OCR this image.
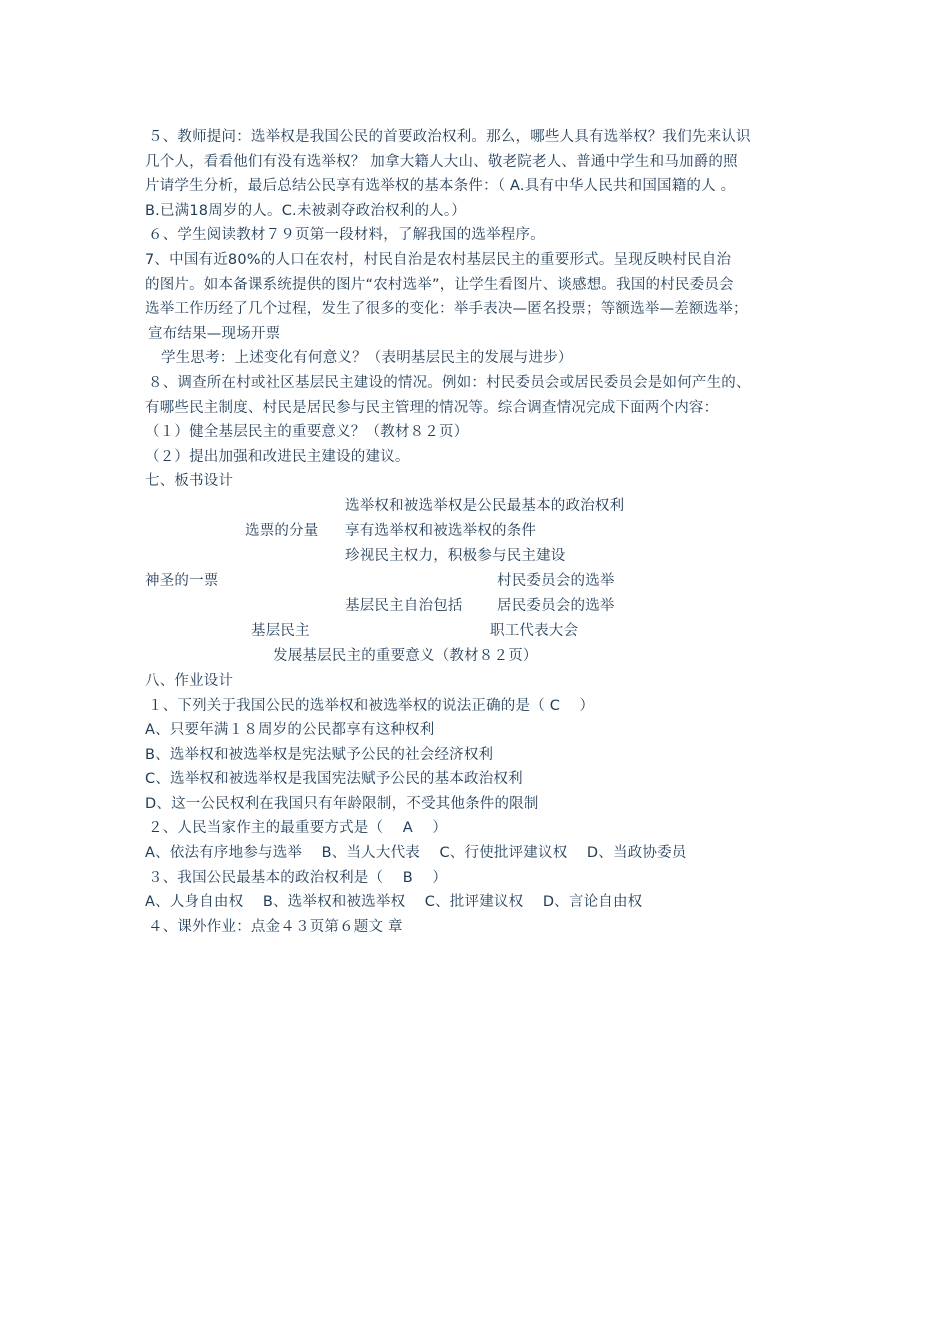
５、教师提问：选举权是我国公民的首要政治权利。那么，哪些人具有选举权？我们先来认识
几个人，看看他们有没有选举权？ 加拿大籍人大山、敬老院老人、普通中学生和马加爵的照
片请学生分析，最后总结公民享有选举权的基本条件：（ A.具有中华人民共和国国籍的人 。
B.已满18周岁的人。C.未被剥夺政治权利的人。）
６、学生阅读教材７９页第一段材料，了解我国的选举程序。
7、中国有近80%的人口在农村，村民自治是农村基层民主的重要形式。呈现反映村民自治
的图片。如本备课系统提供的图片“农村选举”，让学生看图片、谈感想。我国的村民委员会
选举工作历经了几个过程，发生了很多的变化：举手表决—匿名投票；等额选举—差额选举；
宣布结果—现场开票
学生思考：上述变化有何意义？（表明基层民主的发展与进步）
８、调查所在村或社区基层民主建设的情况。例如：村民委员会或居民委员会是如何产生的、
有哪些民主制度、村民是居民参与民主管理的情况等。综合调查情况完成下面两个内容：
（１）健全基层民主的重要意义？（教材８２页）
（２）提出加强和改进民主建设的建议。
七、板书设计
选举权和被选举权是公民最基本的政治权利
选票的分量 享有选举权和被选举权的条件
珍视民主权力，积极参与民主建设
神圣的一票	村民委员会的选举
基层民主自治包括 居民委员会的选举
基层民主	职工代表大会
发展基层民主的重要意义（教材８２页）
八、作业设计
１、下列关于我国公民的选举权和被选举权的说法正确的是（ C　 ）
A、只要年满１８周岁的公民都享有这种权利
B、选举权和被选举权是宪法赋予公民的社会经济权利
C、选举权和被选举权是我国宪法赋予公民的基本政治权利
D、这一公民权利在我国只有年龄限制，不受其他条件的限制
２、人民当家作主的最重要方式是（　 A　 ）
A、依法有序地参与选举　 B、当人大代表　 C、行使批评建议权　 D、当政协委员
３、我国公民最基本的政治权利是（　 B　 ）
A、人身自由权　 B、选举权和被选举权　 C、批评建议权　 D、言论自由权
４、课外作业：点金４３页第６题文 章
